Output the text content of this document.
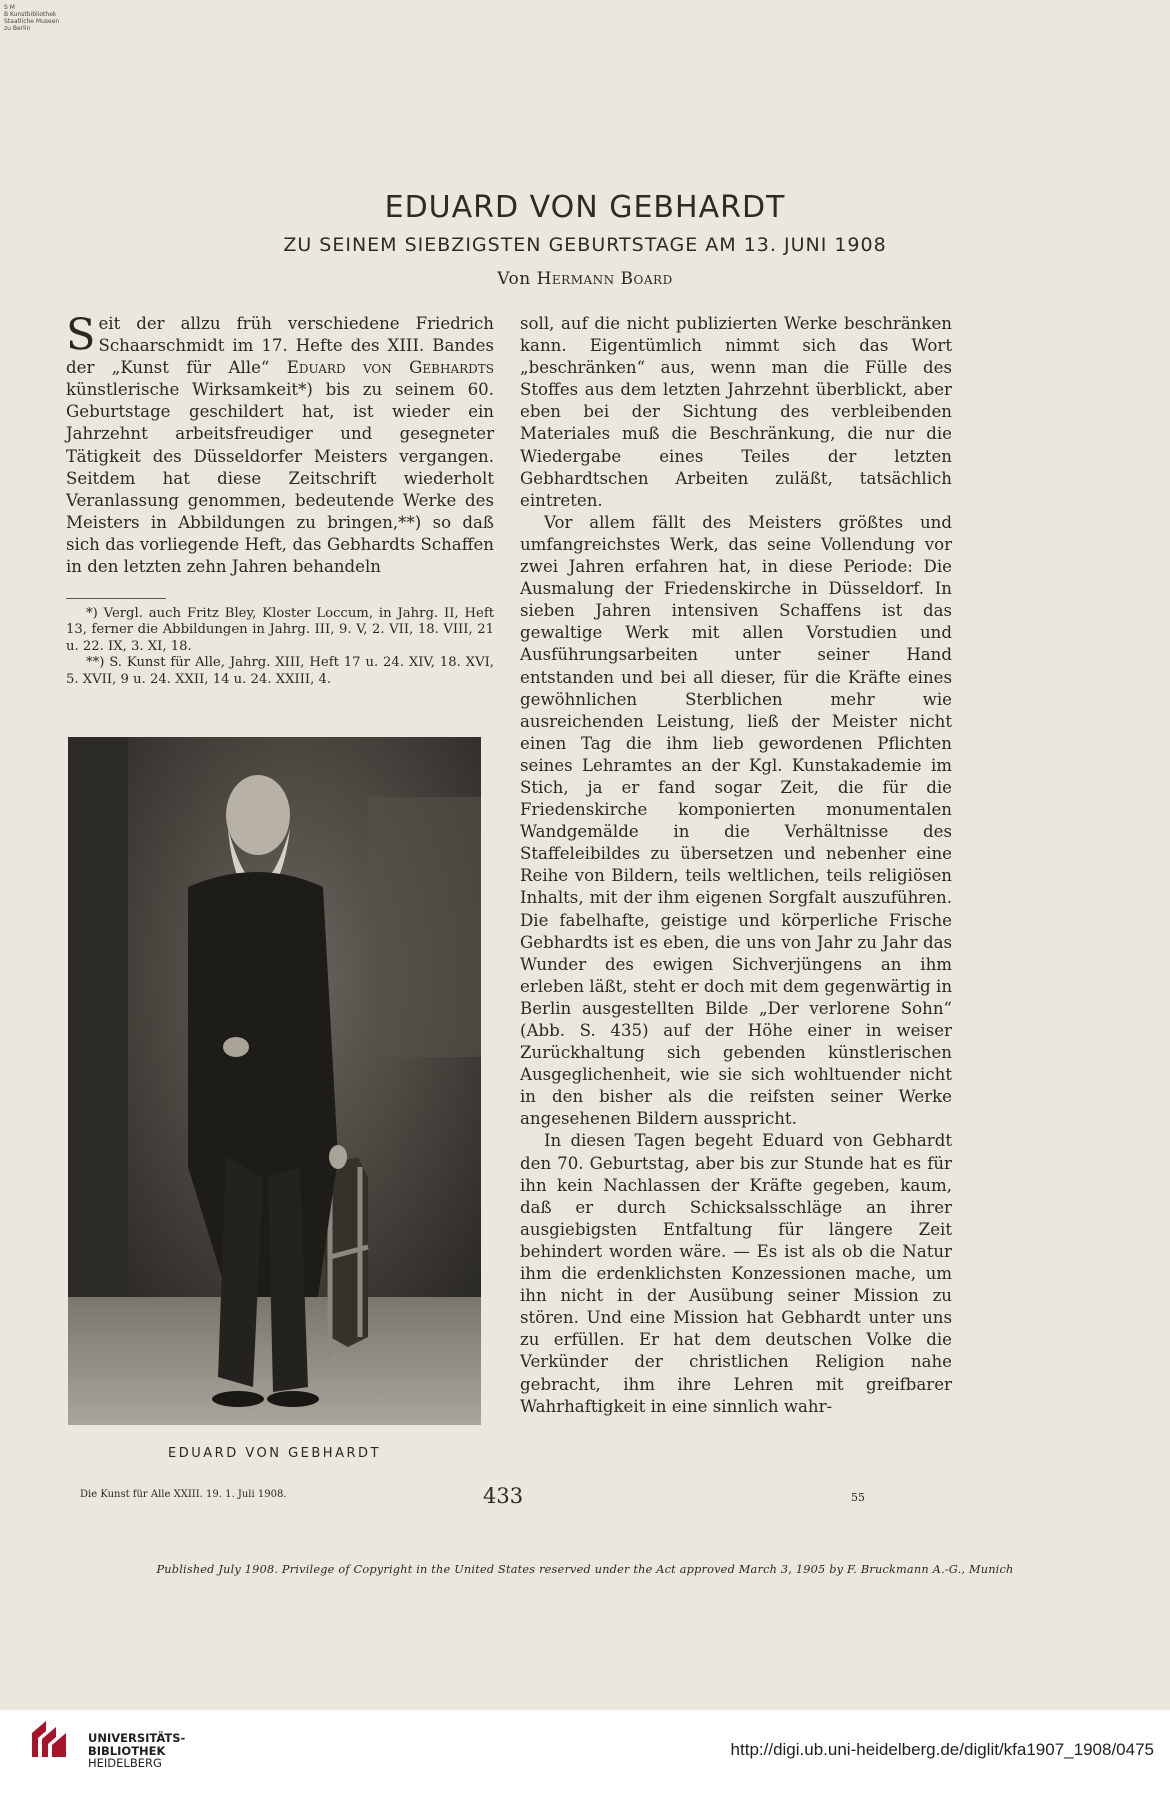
S M
B Kunstbibliothek
Staatliche Museen
zu Berlin
EDUARD VON GEBHARDT
ZU SEINEM SIEBZIGSTEN GEBURTSTAGE AM 13. JUNI 1908
Von Hermann Board

Seit der allzu früh verschiedene Friedrich Schaarschmidt im 17. Hefte des XIII. Bandes der „Kunst für Alle“ Eduard von Gebhardts künstlerische Wirksamkeit*) bis zu seinem 60. Geburtstage geschildert hat, ist wieder ein Jahrzehnt arbeitsfreudiger und gesegneter Tätigkeit des Düsseldorfer Meisters vergangen. Seitdem hat diese Zeitschrift wiederholt Veranlassung genommen, bedeutende Werke des Meisters in Abbildungen zu bringen,**) so daß sich das vorliegende Heft, das Gebhardts Schaffen in den letzten zehn Jahren behandeln

*) Vergl. auch Fritz Bley, Kloster Loccum, in Jahrg. II, Heft 13, ferner die Abbildungen in Jahrg. III, 9. V, 2. VII, 18. VIII, 21 u. 22. IX, 3. XI, 18.

**) S. Kunst für Alle, Jahrg. XIII, Heft 17 u. 24. XIV, 18. XVI, 5. XVII, 9 u. 24. XXII, 14 u. 24. XXIII, 4.

EDUARD VON GEBHARDT

soll, auf die nicht publizierten Werke beschränken kann. Eigentümlich nimmt sich das Wort „beschränken“ aus, wenn man die Fülle des Stoffes aus dem letzten Jahrzehnt überblickt, aber eben bei der Sichtung des verbleibenden Materiales muß die Beschränkung, die nur die Wiedergabe eines Teiles der letzten Gebhardtschen Arbeiten zuläßt, tatsächlich eintreten.

Vor allem fällt des Meisters größtes und umfangreichstes Werk, das seine Vollendung vor zwei Jahren erfahren hat, in diese Periode: Die Ausmalung der Friedenskirche in Düsseldorf. In sieben Jahren intensiven Schaffens ist das gewaltige Werk mit allen Vorstudien und Ausführungsarbeiten unter seiner Hand entstanden und bei all dieser, für die Kräfte eines gewöhnlichen Sterblichen mehr wie ausreichenden Leistung, ließ der Meister nicht einen Tag die ihm lieb gewordenen Pflichten seines Lehramtes an der Kgl. Kunstakademie im Stich, ja er fand sogar Zeit, die für die Friedenskirche komponierten monumentalen Wandgemälde in die Verhältnisse des Staffeleibildes zu übersetzen und nebenher eine Reihe von Bildern, teils weltlichen, teils religiösen Inhalts, mit der ihm eigenen Sorgfalt auszuführen. Die fabelhafte, geistige und körperliche Frische Gebhardts ist es eben, die uns von Jahr zu Jahr das Wunder des ewigen Sichverjüngens an ihm erleben läßt, steht er doch mit dem gegenwärtig in Berlin ausgestellten Bilde „Der verlorene Sohn“ (Abb. S. 435) auf der Höhe einer in weiser Zurückhaltung sich gebenden künstlerischen Ausgeglichenheit, wie sie sich wohltuender nicht in den bisher als die reifsten seiner Werke angesehenen Bildern ausspricht.

In diesen Tagen begeht Eduard von Gebhardt den 70. Geburtstag, aber bis zur Stunde hat es für ihn kein Nachlassen der Kräfte gegeben, kaum, daß er durch Schicksalsschläge an ihrer ausgiebigsten Entfaltung für längere Zeit behindert worden wäre. — Es ist als ob die Natur ihm die erdenklichsten Konzessionen mache, um ihn nicht in der Ausübung seiner Mission zu stören. Und eine Mission hat Gebhardt unter uns zu erfüllen. Er hat dem deutschen Volke die Verkünder der christlichen Religion nahe gebracht, ihm ihre Lehren mit greifbarer Wahrhaftigkeit in eine sinnlich wahr-

Die Kunst für Alle XXIII. 19. 1. Juli 1908.	433	55
Published July 1908. Privilege of Copyright in the United States reserved under the Act approved March 3, 1905 by F. Bruckmann A.-G., Munich
UNIVERSITÄTS-
BIBLIOTHEK
HEIDELBERG
http://digi.ub.uni-heidelberg.de/diglit/kfa1907_1908/0475
